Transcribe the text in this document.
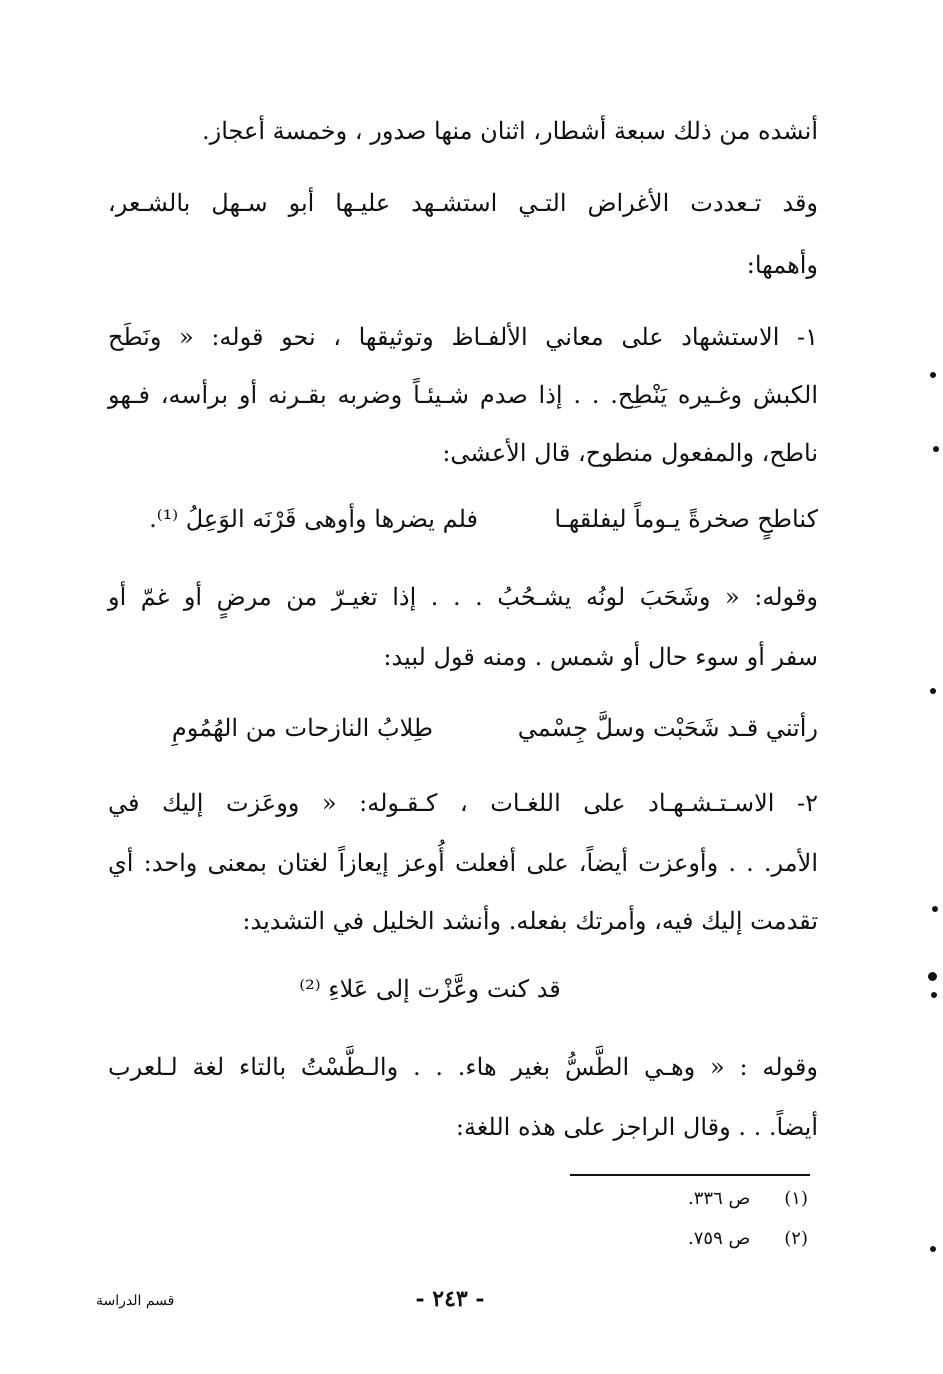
أنشده من ذلك سبعة أشطار، اثنان منها صدور ، وخمسة أعجاز.
وقد تـعددت الأغراض التـي استشـهد عليـها أبو سـهل بالشـعر،
وأهمها:
١- الاستشهاد على معاني الألفـاظ وتوثيقها ، نحو قوله: « ونَطَح
الكبش وغـيره يَنْطِح. . . إذا صدم شـيئـاً وضربه بقـرنه أو برأسه، فـهو
ناطح، والمفعول منطوح، قال الأعشى:
كناطحٍ صخرةً يـوماً ليفلقهـا
فلم يضرها وأوهى قَرْنَه الوَعِلُ ⁽¹⁾.
وقوله: « وشَحَبَ لونُه يشـحُبُ . . . إذا تغيـرّ من مرضٍ أو غمّ أو
سفر أو سوء حال أو شمس . ومنه قول لبيد:
رأتني قـد شَحَبْت وسلَّ جِسْمي
طِلابُ النازحات من الهُمُومِ
٢- الاسـتـشـهـاد على اللغـات ، كـقـوله: « ووعَزت إليك في
الأمر. . . وأوعزت أيضاً، على أفعلت أُوعز إيعازاً لغتان بمعنى واحد: أي
تقدمت إليك فيه، وأمرتك بفعله. وأنشد الخليل في التشديد:
قد كنت وعَّزْت إلى عَلاءِ ⁽²⁾
وقوله : « وهـي الطَّسُّ بغير هاء. . . والـطَّسْتُ بالتاء لغة لـلعرب
أيضاً. . . وقال الراجز على هذه اللغة:
(١) ص ٣٣٦.
(٢) ص ٧٥٩.
- ٢٤٣ -
قسم الدراسة
